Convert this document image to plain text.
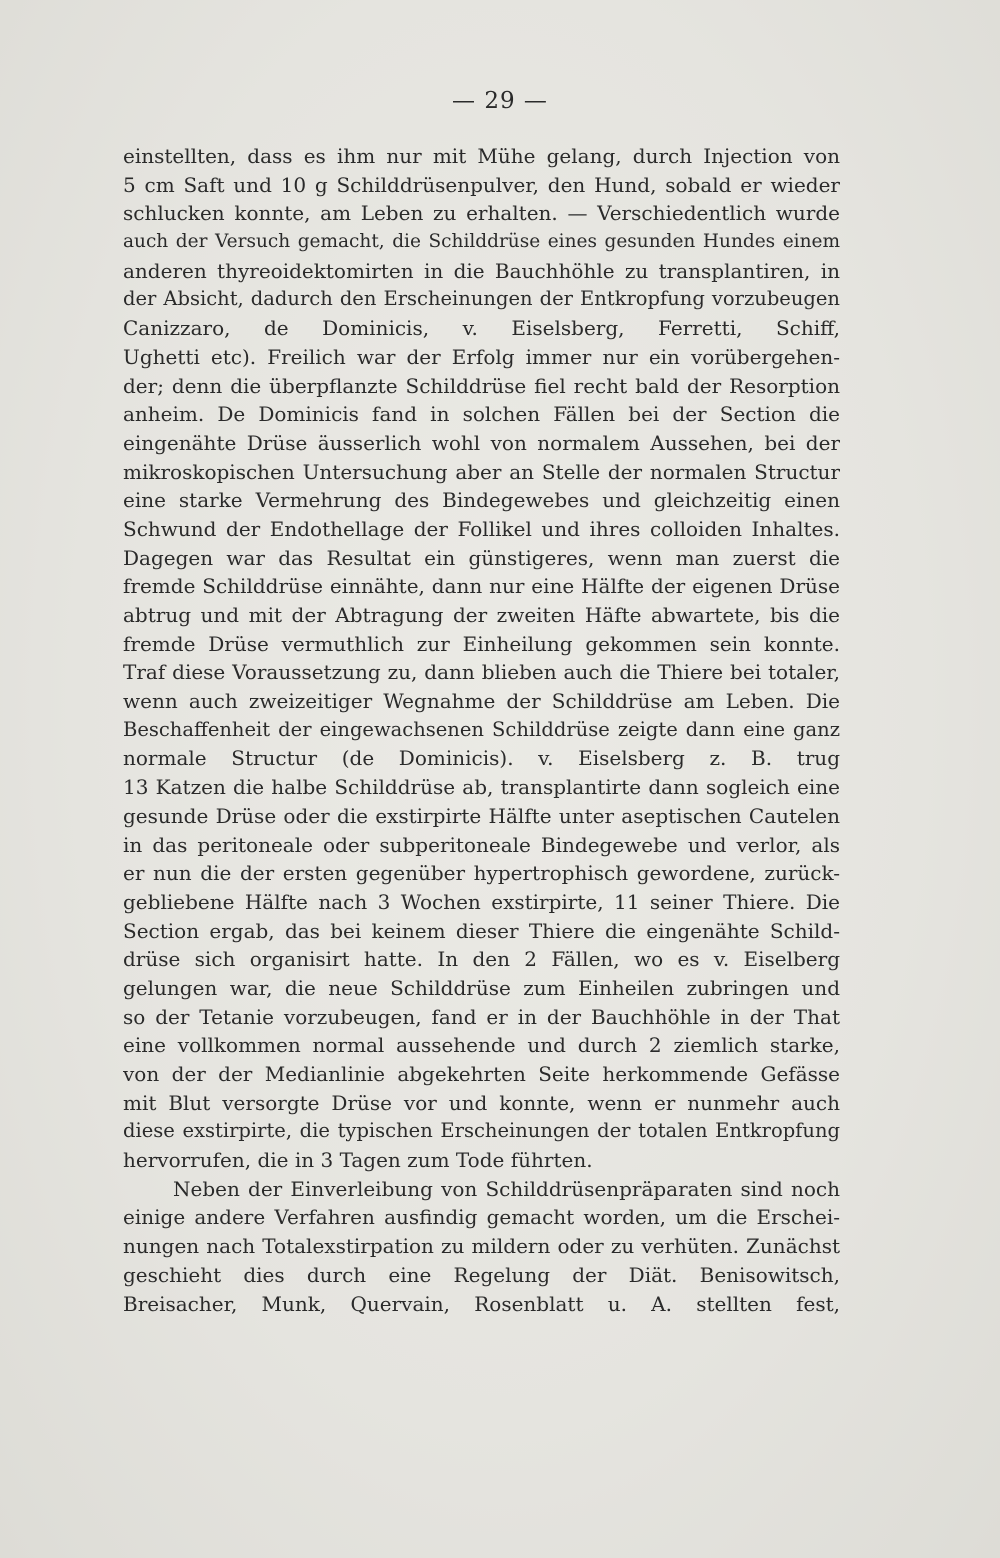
— 29 —
einstellten, dass es ihm nur mit Mühe gelang, durch Injection von
5 cm Saft und 10 g Schilddrüsenpulver, den Hund, sobald er wieder
schlucken konnte, am Leben zu erhalten. — Verschiedentlich wurde
auch der Versuch gemacht, die Schilddrüse eines gesunden Hundes einem
anderen thyreoidektomirten in die Bauchhöhle zu transplantiren, in
der Absicht, dadurch den Erscheinungen der Entkropfung vorzubeugen
Canizzaro, de Dominicis, v. Eiselsberg, Ferretti, Schiff,
Ughetti etc). Freilich war der Erfolg immer nur ein vorübergehen-
der; denn die überpflanzte Schilddrüse fiel recht bald der Resorption
anheim. De Dominicis fand in solchen Fällen bei der Section die
eingenähte Drüse äusserlich wohl von normalem Aussehen, bei der
mikroskopischen Untersuchung aber an Stelle der normalen Structur
eine starke Vermehrung des Bindegewebes und gleichzeitig einen
Schwund der Endothellage der Follikel und ihres colloiden Inhaltes.
Dagegen war das Resultat ein günstigeres, wenn man zuerst die
fremde Schilddrüse einnähte, dann nur eine Hälfte der eigenen Drüse
abtrug und mit der Abtragung der zweiten Häfte abwartete, bis die
fremde Drüse vermuthlich zur Einheilung gekommen sein konnte.
Traf diese Voraussetzung zu, dann blieben auch die Thiere bei totaler,
wenn auch zweizeitiger Wegnahme der Schilddrüse am Leben. Die
Beschaffenheit der eingewachsenen Schilddrüse zeigte dann eine ganz
normale Structur (de Dominicis). v. Eiselsberg z. B. trug
13 Katzen die halbe Schilddrüse ab, transplantirte dann sogleich eine
gesunde Drüse oder die exstirpirte Hälfte unter aseptischen Cautelen
in das peritoneale oder subperitoneale Bindegewebe und verlor, als
er nun die der ersten gegenüber hypertrophisch gewordene, zurück-
gebliebene Hälfte nach 3 Wochen exstirpirte, 11 seiner Thiere. Die
Section ergab, das bei keinem dieser Thiere die eingenähte Schild-
drüse sich organisirt hatte. In den 2 Fällen, wo es v. Eiselberg
gelungen war, die neue Schilddrüse zum Einheilen zubringen und
so der Tetanie vorzubeugen, fand er in der Bauchhöhle in der That
eine vollkommen normal aussehende und durch 2 ziemlich starke,
von der der Medianlinie abgekehrten Seite herkommende Gefässe
mit Blut versorgte Drüse vor und konnte, wenn er nunmehr auch
diese exstirpirte, die typischen Erscheinungen der totalen Entkropfung
hervorrufen, die in 3 Tagen zum Tode führten.
Neben der Einverleibung von Schilddrüsenpräparaten sind noch
einige andere Verfahren ausfindig gemacht worden, um die Erschei-
nungen nach Totalexstirpation zu mildern oder zu verhüten. Zunächst
geschieht dies durch eine Regelung der Diät. Benisowitsch,
Breisacher, Munk, Quervain, Rosenblatt u. A. stellten fest,
